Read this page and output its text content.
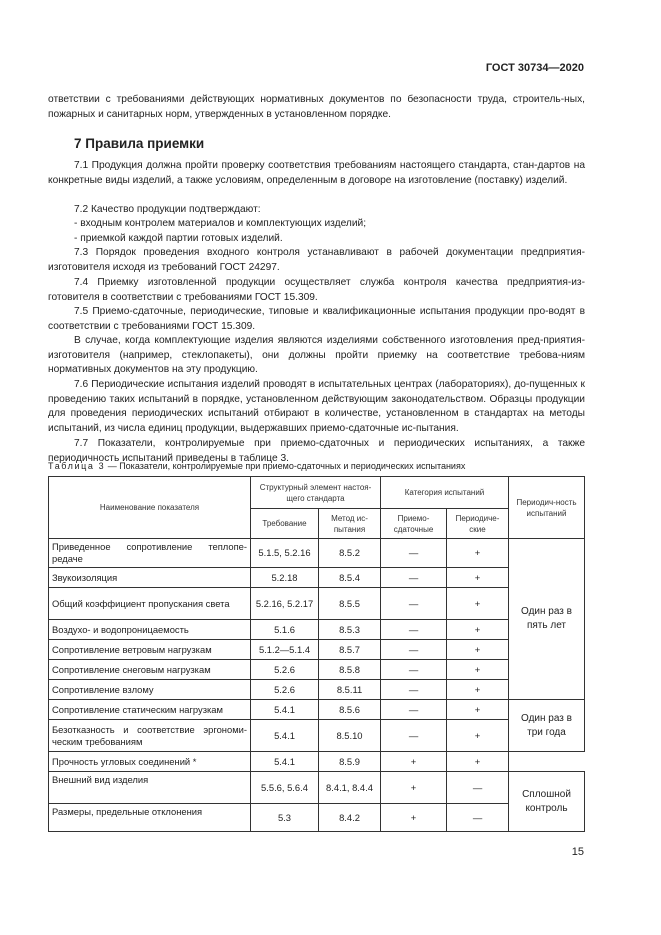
ГОСТ 30734—2020

ответствии с требованиями действующих нормативных документов по безопасности труда, строитель-ных, пожарных и санитарных норм, утвержденных в установленном порядке.

7 Правила приемки

7.1 Продукция должна пройти проверку соответствия требованиям настоящего стандарта, стан-дартов на конкретные виды изделий, а также условиям, определенным в договоре на изготовление (поставку) изделий.

7.2 Качество продукции подтверждают:

- входным контролем материалов и комплектующих изделий;

- приемкой каждой партии готовых изделий.

7.3 Порядок проведения входного контроля устанавливают в рабочей документации предприятия-изготовителя исходя из требований ГОСТ 24297.

7.4 Приемку изготовленной продукции осуществляет служба контроля качества предприятия-из-готовителя в соответствии с требованиями ГОСТ 15.309.

7.5 Приемо-сдаточные, периодические, типовые и квалификационные испытания продукции про-водят в соответствии с требованиями ГОСТ 15.309.

В случае, когда комплектующие изделия являются изделиями собственного изготовления пред-приятия-изготовителя (например, стеклопакеты), они должны пройти приемку на соответствие требова-ниям нормативных документов на эту продукцию.

7.6 Периодические испытания изделий проводят в испытательных центрах (лабораториях), до-пущенных к проведению таких испытаний в порядке, установленном действующим законодательством. Образцы продукции для проведения периодических испытаний отбирают в количестве, установленном в стандартах на методы испытаний, из числа единиц продукции, выдержавших приемо-сдаточные ис-пытания.

7.7 Показатели, контролируемые при приемо-сдаточных и периодических испытаниях, а также периодичность испытаний приведены в таблице 3.

Таблица 3 — Показатели, контролируемые при приемо-сдаточных и периодических испытаниях
Наименование показателя	Структурный элемент настоя-щего стандарта		Категория испытаний		Периодич-ность испытаний
	Требование	Метод ис-пытания	Приемо-сдаточные	Периодиче-ские	
Приведенное сопротивление теплопе-редаче	5.1.5, 5.2.16	8.5.2	—	+	Один раз в пять лет
Звукоизоляция	5.2.18	8.5.4	—	+	
Общий коэффициент пропускания света	5.2.16, 5.2.17	8.5.5	—	+	
Воздухо- и водопроницаемость	5.1.6	8.5.3	—	+	
Сопротивление ветровым нагрузкам	5.1.2—5.1.4	8.5.7	—	+	
Сопротивление снеговым нагрузкам	5.2.6	8.5.8	—	+	
Сопротивление взлому	5.2.6	8.5.11	—	+	
Сопротивление статическим нагрузкам	5.4.1	8.5.6	—	+	Один раз в три года
Безотказность и соответствие эргономи-ческим требованиям	5.4.1	8.5.10	—	+	
Прочность угловых соединений *	5.4.1	8.5.9	+	+	
Внешний вид изделия	5.5.6, 5.6.4	8.4.1, 8.4.4	+	—	Сплошной контроль
Размеры, предельные отклонения	5.3	8.4.2	+	—	
15
